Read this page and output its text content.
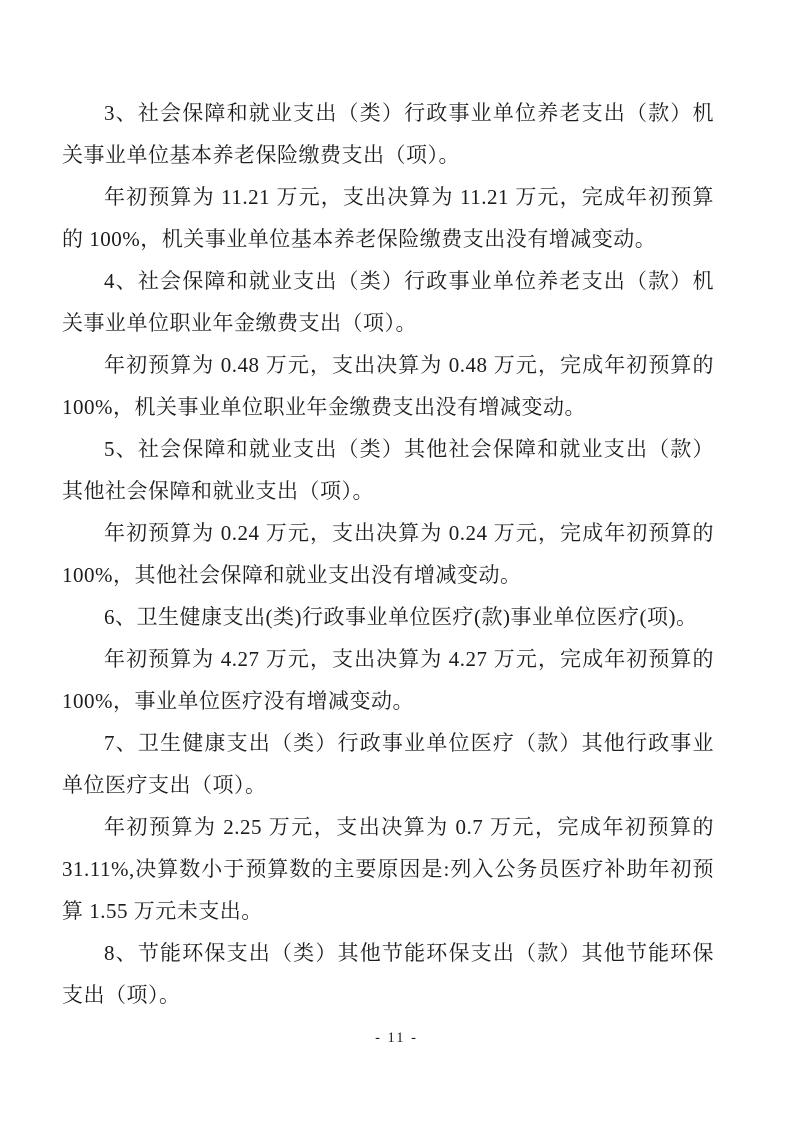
3、社会保障和就业支出（类）行政事业单位养老支出（款）机关事业单位基本养老保险缴费支出（项）。

年初预算为 11.21 万元，支出决算为 11.21 万元，完成年初预算的 100%，机关事业单位基本养老保险缴费支出没有增减变动。

4、社会保障和就业支出（类）行政事业单位养老支出（款）机关事业单位职业年金缴费支出（项）。

年初预算为 0.48 万元，支出决算为 0.48 万元，完成年初预算的 100%，机关事业单位职业年金缴费支出没有增减变动。

5、社会保障和就业支出（类）其他社会保障和就业支出（款）其他社会保障和就业支出（项）。

年初预算为 0.24 万元，支出决算为 0.24 万元，完成年初预算的 100%，其他社会保障和就业支出没有增减变动。

6、卫生健康支出(类)行政事业单位医疗(款)事业单位医疗(项)。

年初预算为 4.27 万元，支出决算为 4.27 万元，完成年初预算的 100%，事业单位医疗没有增减变动。

7、卫生健康支出（类）行政事业单位医疗（款）其他行政事业单位医疗支出（项）。

年初预算为 2.25 万元，支出决算为 0.7 万元，完成年初预算的 31.11%,决算数小于预算数的主要原因是:列入公务员医疗补助年初预算 1.55 万元未支出。

8、节能环保支出（类）其他节能环保支出（款）其他节能环保支出（项）。

- 11 -
